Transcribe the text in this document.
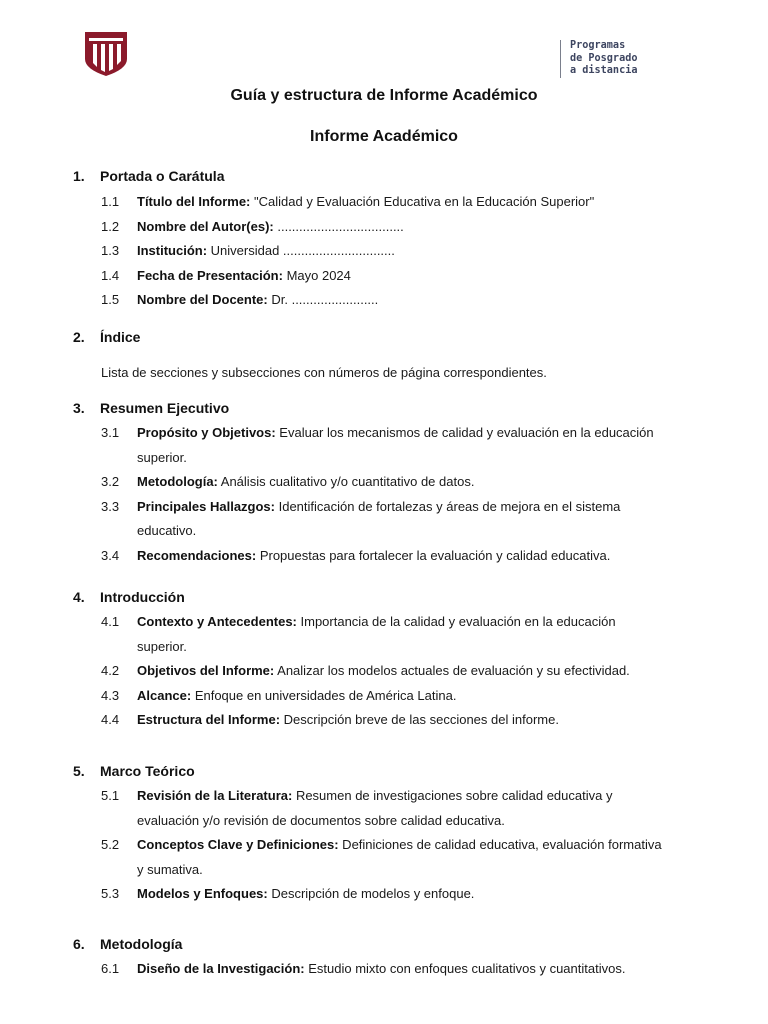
Programas
de Posgrado
a distancia
Guía y estructura de Informe Académico
Informe Académico
1. Portada o Carátula
1.1	Título del Informe: "Calidad y Evaluación Educativa en la Educación Superior"
1.2	Nombre del Autor(es): ...................................
1.3	Institución: Universidad ...............................
1.4	Fecha de Presentación: Mayo 2024
1.5	Nombre del Docente: Dr. ........................
2. Índice
Lista de secciones y subsecciones con números de página correspondientes.
3. Resumen Ejecutivo
3.1	Propósito y Objetivos: Evaluar los mecanismos de calidad y evaluación en la educación
superior.
3.2	Metodología: Análisis cualitativo y/o cuantitativo de datos.
3.3	Principales Hallazgos: Identificación de fortalezas y áreas de mejora en el sistema
educativo.
3.4	Recomendaciones: Propuestas para fortalecer la evaluación y calidad educativa.
4. Introducción
4.1	Contexto y Antecedentes: Importancia de la calidad y evaluación en la educación
superior.
4.2	Objetivos del Informe: Analizar los modelos actuales de evaluación y su efectividad.
4.3	Alcance: Enfoque en universidades de América Latina.
4.4	Estructura del Informe: Descripción breve de las secciones del informe.
5. Marco Teórico
5.1	Revisión de la Literatura: Resumen de investigaciones sobre calidad educativa y
evaluación y/o revisión de documentos sobre calidad educativa.
5.2	Conceptos Clave y Definiciones: Definiciones de calidad educativa, evaluación formativa
y sumativa.
5.3	Modelos y Enfoques: Descripción de modelos y enfoque.
6. Metodología
6.1	Diseño de la Investigación: Estudio mixto con enfoques cualitativos y cuantitativos.
